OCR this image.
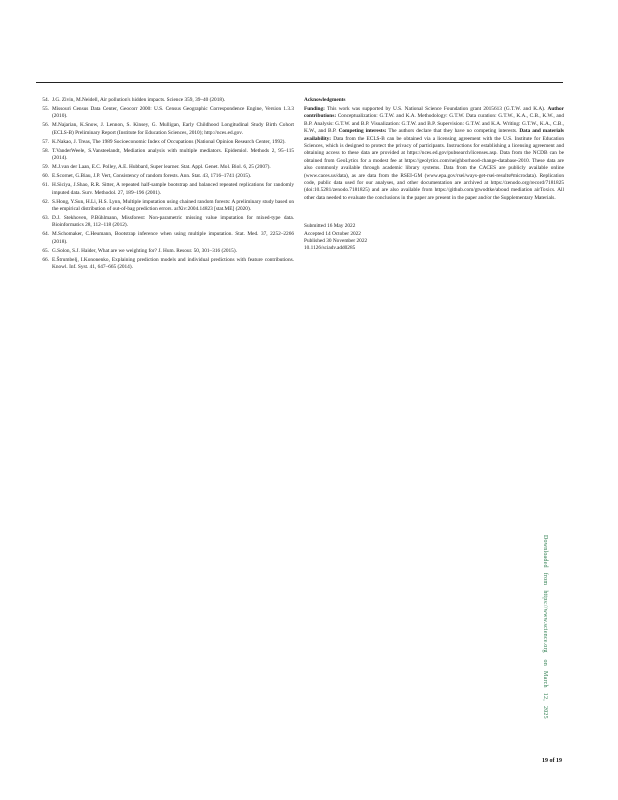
54. J.G. Zivin, M.Neidell, Air pollution's hidden impacts. Science 359, 39–40 (2018).
55. Missouri Census Data Center, Geocorr 2000: U.S. Census Geographic Correspondence Engine, Version 1.3.3 (2010).
56. M.Najarian, K.Snow, J. Lennon, S. Kinsey, G. Mulligan, Early Childhood Longitudinal Study Birth Cohort (ECLS-B) Preliminary Report (Institute for Education Sciences, 2010); http://nces.ed.gov.
57. K.Nakao, J. Treas, The 1989 Socioeconomic Index of Occupations (National Opinion Research Center, 1992).
58. T.VanderWeele, S.Vansteelandt, Mediation analysis with multiple mediators. Epidemiol. Methods 2, 95–115 (2014).
59. M.J.van der Laan, E.C. Polley, A.E. Hubbard, Super learner. Stat. Appl. Genet. Mol. Biol. 6, 25 (2007).
60. E.Scornet, G.Biau, J.P. Vert, Consistency of random forests. Ann. Stat. 43, 1716–1741 (2015).
61. H.Siciya, J.Shao, R.R. Sitter, A repeated half-sample bootstrap and balanced repeated replications for randomly imputed data. Surv. Methodol. 27, 189–196 (2001).
62. S.Hong, Y.Sun, H.Li, H.S. Lynn, Multiple imputation using chained random forests: A preliminary study based on the empirical distribution of out-of-bag prediction errors. arXiv:2004.14823 [stat.ME] (2020).
63. D.J. Stekhoven, P.Bühlmann, Missforest: Non-parametric missing value imputation for mixed-type data. Bioinformatics 28, 112–118 (2012).
64. M.Schomaker, C.Heumann, Bootstrap inference when using multiple imputation. Stat. Med. 37, 2252–2266 (2018).
65. G.Solon, S.J. Haider, What are we weighting for? J. Hum. Resour. 50, 301–316 (2015).
66. E.Štrumbelj, I.Kononenko, Explaining prediction models and individual predictions with feature contributions. Knowl. Inf. Syst. 41, 647–665 (2014).
Acknowledgments
Funding: This work was supported by U.S. National Science Foundation grant 2015613 (G.T.W. and K.A). Author contributions: Conceptualization: G.T.W. and K.A. Methodology: G.T.W. Data curation: G.T.W., K.A., C.B., K.W., and B.P. Analysis: G.T.W. and B.P. Visualization: G.T.W. and B.P. Supervision: G.T.W. and K.A. Writing: G.T.W., K.A., C.B., K.W., and B.P. Competing interests: The authors declare that they have no competing interests. Data and materials availability: Data from the ECLS-B can be obtained via a licensing agreement with the U.S. Institute for Education Sciences, which is designed to protect the privacy of participants. Instructions for establishing a licensing agreement and obtaining access to these data are provided at https://nces.ed.gov/pubsearch/licenses.asp. Data from the NCDB can be obtained from GeoLytics for a modest fee at https://geolytics.com/neighborhood-change-database-2010. These data are also commonly available through academic library systems. Data from the CACES are publicly available online (www.caces.us/data), as are data from the RSEI-GM (www.epa.gov/rsei/ways-get-rsei-results#microdata). Replication code, public data used for our analyses, and other documentation are archived at https://zenodo.org/record/7181825 (doi:10.5281/zenodo.7181825) and are also available from https://github.com/gtwodtke/aboud mediation airToxics. All other data needed to evaluate the conclusions in the paper are present in the paper and/or the Supplementary Materials.
Submitted 16 May 2022
Accepted 14 October 2022
Published 30 November 2022
10.1126/sciadv.add0285
Downloaded   from   https://www.science.org    on   March   12,   2025
19 of 19
